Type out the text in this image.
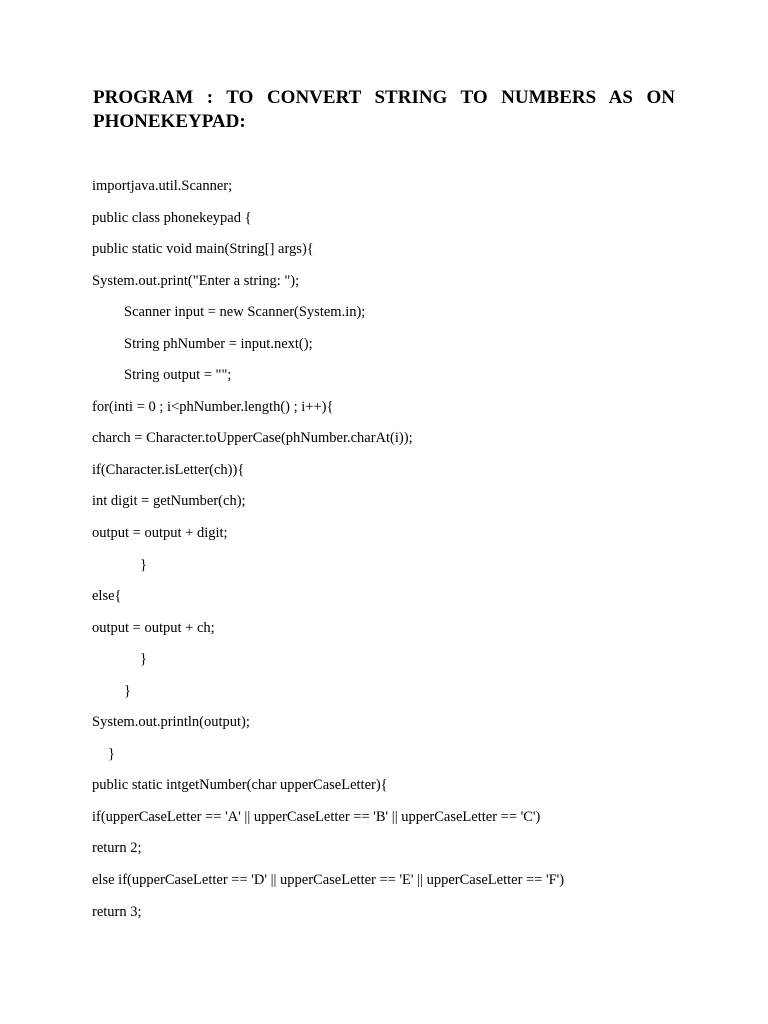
PROGRAM : TO CONVERT STRING TO NUMBERS AS ON
PHONEKEYPAD:
importjava.util.Scanner;
public class phonekeypad {
public static void main(String[] args){
System.out.print("Enter a string: ");
Scanner input = new Scanner(System.in);
String phNumber = input.next();
String output = "";
for(inti = 0 ; i<phNumber.length() ; i++){
charch = Character.toUpperCase(phNumber.charAt(i));
if(Character.isLetter(ch)){
int digit = getNumber(ch);
output = output + digit;
}
else{
output = output + ch;
}
}
System.out.println(output);
}
public static intgetNumber(char upperCaseLetter){
if(upperCaseLetter == 'A' || upperCaseLetter == 'B' || upperCaseLetter == 'C')
return 2;
else if(upperCaseLetter == 'D' || upperCaseLetter == 'E' || upperCaseLetter == 'F')
return 3;
